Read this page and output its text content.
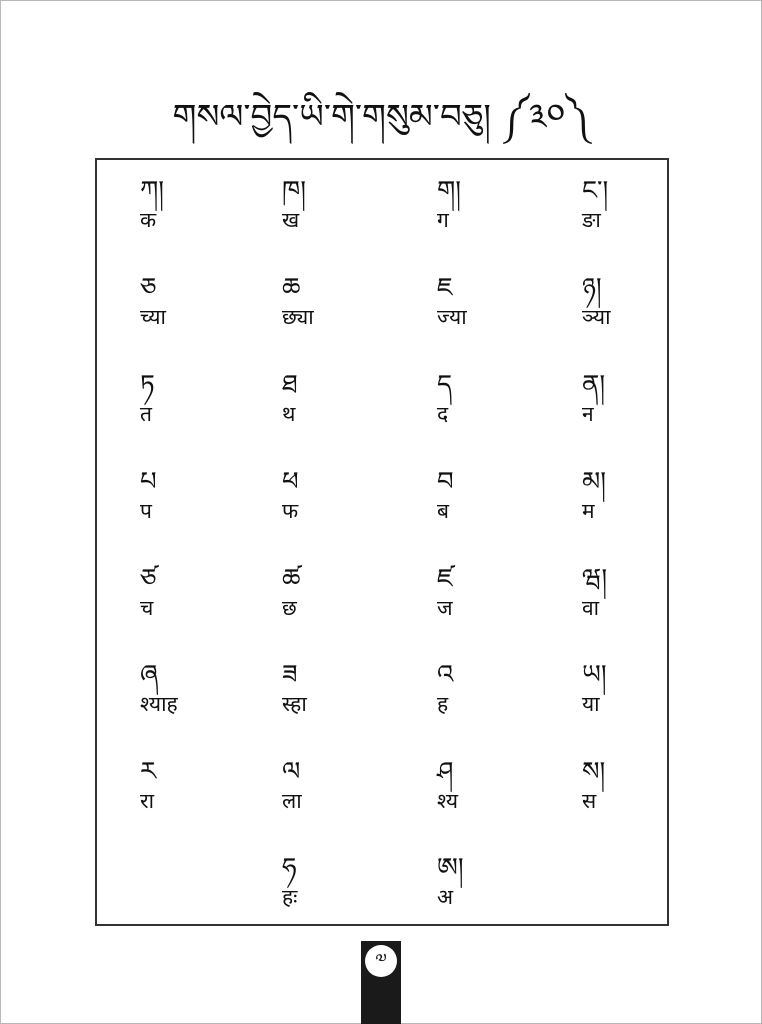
གསལ་བྱེད་ཡི་གེ་གསུམ་བཅུ། ༼༣༠༽
ཀ།
क
ཁ།
ख
ག།
ग
ང་།
ङा
ཅ
च्या
ཆ
छ्या
ཇ
ज्या
ཉ།
ञ्या
ཏ
त
ཐ
थ
ད
द
ན།
न
པ
प
ཕ
फ
བ
ब
མ།
म
ཙ
च
ཚ
छ
ཛ
ज
ཝ།
वा
ཞ
श्याह
ཟ
स्हा
འ
ह
ཡ།
या
ར
रा
ལ
ला
ཤ
श्य
ས།
स
ཧ
हः
ཨ།
अ
༧
